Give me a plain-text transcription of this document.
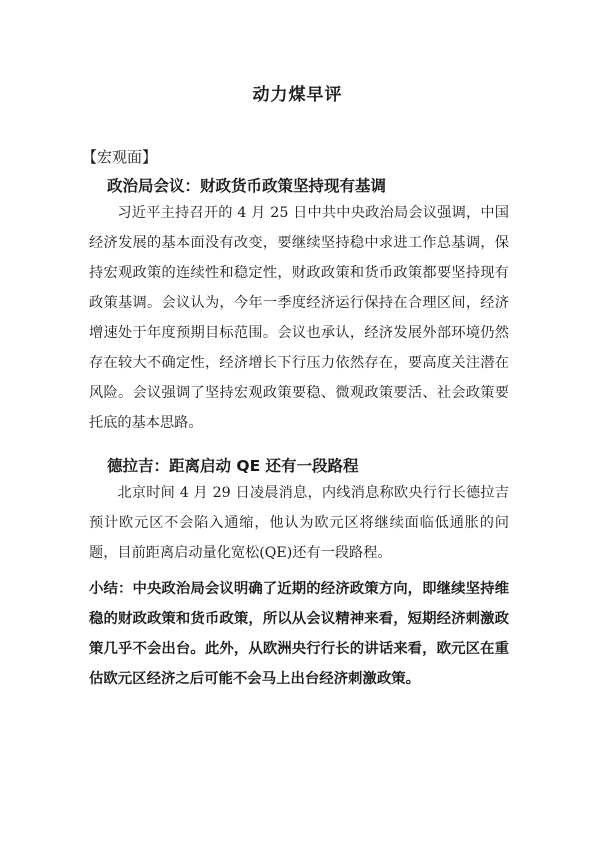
动力煤早评
【宏观面】
政治局会议：财政货币政策坚持现有基调

习近平主持召开的 4 月 25 日中共中央政治局会议强调，中国经济发展的基本面没有改变，要继续坚持稳中求进工作总基调，保持宏观政策的连续性和稳定性，财政政策和货币政策都要坚持现有政策基调。会议认为，今年一季度经济运行保持在合理区间，经济增速处于年度预期目标范围。会议也承认，经济发展外部环境仍然存在较大不确定性，经济增长下行压力依然存在，要高度关注潜在风险。会议强调了坚持宏观政策要稳、微观政策要活、社会政策要托底的基本思路。

德拉吉：距离启动 QE 还有一段路程

北京时间 4 月 29 日凌晨消息，内线消息称欧央行行长德拉吉预计欧元区不会陷入通缩，他认为欧元区将继续面临低通胀的问题，目前距离启动量化宽松(QE)还有一段路程。

小结：中央政治局会议明确了近期的经济政策方向，即继续坚持维稳的财政政策和货币政策，所以从会议精神来看，短期经济刺激政策几乎不会出台。此外，从欧洲央行行长的讲话来看，欧元区在重估欧元区经济之后可能不会马上出台经济刺激政策。
